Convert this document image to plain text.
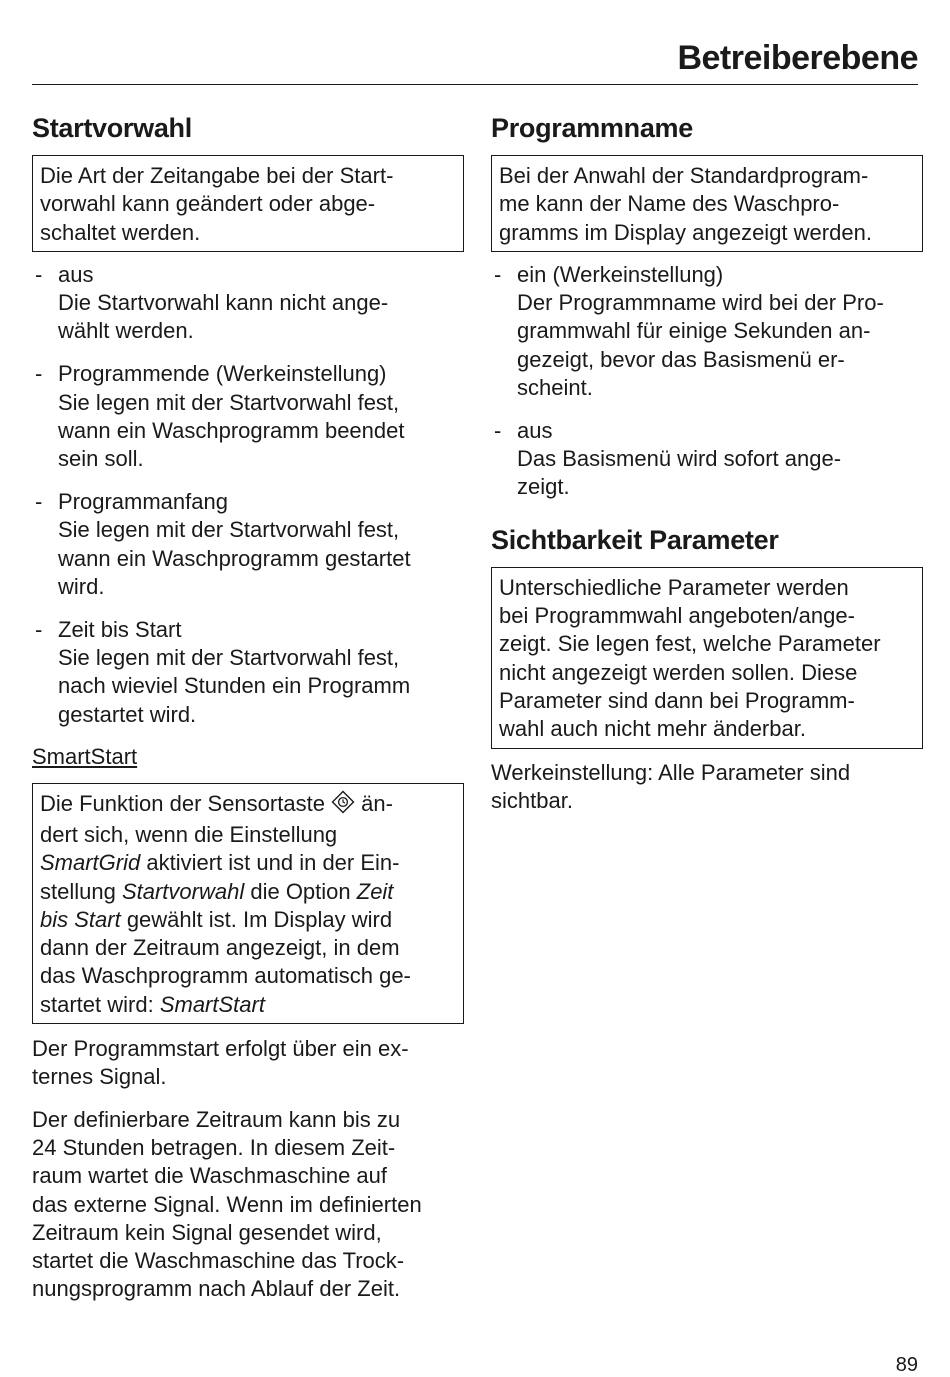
Betreiberebene
Startvorwahl
Die Art der Zeitangabe bei der Start-
vorwahl kann geändert oder abge-
schaltet werden.
- aus
Die Startvorwahl kann nicht ange-
wählt werden.
- Programmende (Werkeinstellung)
Sie legen mit der Startvorwahl fest,
wann ein Waschprogramm beendet
sein soll.
- Programmanfang
Sie legen mit der Startvorwahl fest,
wann ein Waschprogramm gestartet
wird.
- Zeit bis Start
Sie legen mit der Startvorwahl fest,
nach wieviel Stunden ein Programm
gestartet wird.
SmartStart
Die Funktion der Sensortaste  än-
dert sich, wenn die Einstellung
SmartGrid aktiviert ist und in der Ein-
stellung Startvorwahl die Option Zeit
bis Start gewählt ist. Im Display wird
dann der Zeitraum angezeigt, in dem
das Waschprogramm automatisch ge-
startet wird: SmartStart

Der Programmstart erfolgt über ein ex-
ternes Signal.

Der definierbare Zeitraum kann bis zu
24 Stunden betragen. In diesem Zeit-
raum wartet die Waschmaschine auf
das externe Signal. Wenn im definierten
Zeitraum kein Signal gesendet wird,
startet die Waschmaschine das Trock-
nungsprogramm nach Ablauf der Zeit.

Programmname
Bei der Anwahl der Standardprogram-
me kann der Name des Waschpro-
gramms im Display angezeigt werden.
- ein (Werkeinstellung)
Der Programmname wird bei der Pro-
grammwahl für einige Sekunden an-
gezeigt, bevor das Basismenü er-
scheint.
- aus
Das Basismenü wird sofort ange-
zeigt.
Sichtbarkeit Parameter
Unterschiedliche Parameter werden
bei Programmwahl angeboten/ange-
zeigt. Sie legen fest, welche Parameter
nicht angezeigt werden sollen. Diese
Parameter sind dann bei Programm-
wahl auch nicht mehr änderbar.

Werkeinstellung: Alle Parameter sind
sichtbar.

89
